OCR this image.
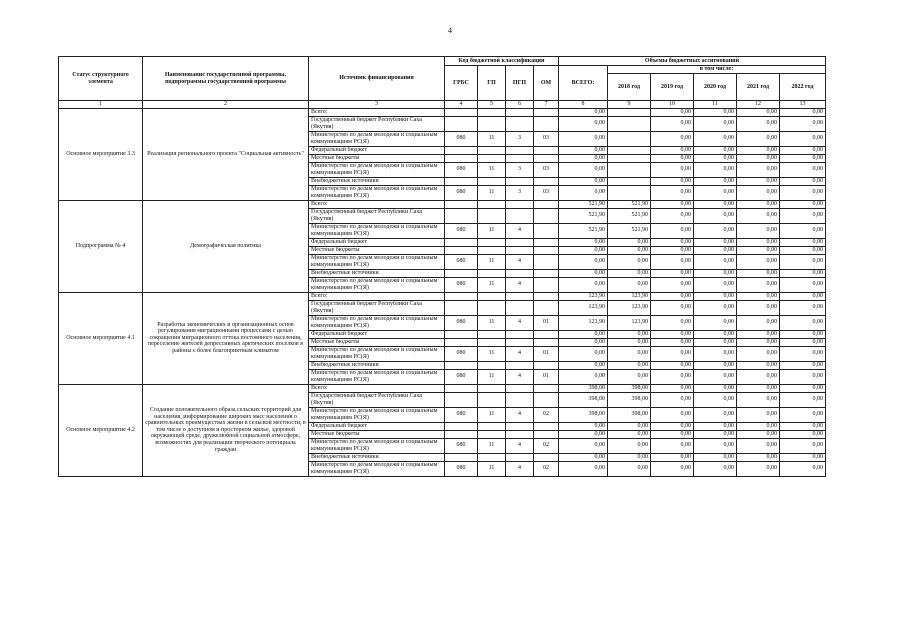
4
Статус структурного элемента	Наименование государственной программы, подпрограммы государственной программы	Источник финансирования	Код бюджетной классификации				Объемы бюджетных ассигнований					
			ГРБС	ГП	ПГП	ОМ	ВСЕГО:	в том числе:				
								2018 год	2019 год	2020 год	2021 год	2022 год
1	2	3	4	5	6	7	8	9	10	11	12	13
Основное мероприятие 3.3	Реализация регионального проекта "Социальная активность"	Всего:					0,00		0,00	0,00	0,00	0,00
		Государственный бюджет Республики Саха (Якутия)					0,00		0,00	0,00	0,00	0,00
		Министерство по делам молодежи и социальным коммуникациям РС(Я)	080	11	3	03	0,00		0,00	0,00	0,00	0,00
		Федеральный бюджет					0,00		0,00	0,00	0,00	0,00
		Местные бюджеты					0,00		0,00	0,00	0,00	0,00
		Министерство по делам молодежи и социальным коммуникациям РС(Я)	080	11	3	03	0,00		0,00	0,00	0,00	0,00
		Внебюджетные источники					0,00		0,00	0,00	0,00	0,00
		Министерство по делам молодежи и социальным коммуникациям РС(Я)	080	11	3	03	0,00		0,00	0,00	0,00	0,00
Подпрограмма № 4	Демографическая политика	Всего:					521,90	521,90	0,00	0,00	0,00	0,00
		Государственный бюджет Республики Саха (Якутия)					521,90	521,90	0,00	0,00	0,00	0,00
		Министерство по делам молодежи и социальным коммуникациям РС(Я)	080	11	4		521,90	521,90	0,00	0,00	0,00	0,00
		Федеральный бюджет					0,00	0,00	0,00	0,00	0,00	0,00
		Местные бюджеты					0,00	0,00	0,00	0,00	0,00	0,00
		Министерство по делам молодежи и социальным коммуникациям РС(Я)	080	11	4		0,00	0,00	0,00	0,00	0,00	0,00
		Внебюджетные источники					0,00	0,00	0,00	0,00	0,00	0,00
		Министерство по делам молодежи и социальным коммуникациям РС(Я)	080	11	4		0,00	0,00	0,00	0,00	0,00	0,00
Основное мероприятие 4.1	Разработка экономических и организационных основ регулирования миграционными процессами с целью сокращения миграционного оттока постоянного населения, переселение жителей депрессивных арктических поселков в районы с более благоприятным климатом	Всего:					123,90	123,90	0,00	0,00	0,00	0,00
		Государственный бюджет Республики Саха (Якутия)					123,90	123,90	0,00	0,00	0,00	0,00
		Министерство по делам молодежи и социальным коммуникациям РС(Я)	080	11	4	01	123,90	123,90	0,00	0,00	0,00	0,00
		Федеральный бюджет					0,00	0,00	0,00	0,00	0,00	0,00
		Местные бюджеты					0,00	0,00	0,00	0,00	0,00	0,00
		Министерство по делам молодежи и социальным коммуникациям РС(Я)	080	11	4	01	0,00	0,00	0,00	0,00	0,00	0,00
		Внебюджетные источники					0,00	0,00	0,00	0,00	0,00	0,00
		Министерство по делам молодежи и социальным коммуникациям РС(Я)	080	11	4	01	0,00	0,00	0,00	0,00	0,00	0,00
Основное мероприятие 4.2	Создание положительного образа сельских территорий для населения, информирование широких масс населения о сравнительных преимуществах жизни в сельской местности, в том числе о доступном и просторном жилье, здоровой окружающей среде, дружелюбной социальной атмосфере, возможностях для реализации творческого потенциала граждан	Всего:					398,00	398,00	0,00	0,00	0,00	0,00
		Государственный бюджет Республики Саха (Якутия)					398,00	398,00	0,00	0,00	0,00	0,00
		Министерство по делам молодежи и социальным коммуникациям РС(Я)	080	11	4	02	398,00	398,00	0,00	0,00	0,00	0,00
		Федеральный бюджет					0,00	0,00	0,00	0,00	0,00	0,00
		Местные бюджеты					0,00	0,00	0,00	0,00	0,00	0,00
		Министерство по делам молодежи и социальным коммуникациям РС(Я)	080	11	4	02	0,00	0,00	0,00	0,00	0,00	0,00
		Внебюджетные источники					0,00	0,00	0,00	0,00	0,00	0,00
		Министерство по делам молодежи и социальным коммуникациям РС(Я)	080	11	4	02	0,00	0,00	0,00	0,00	0,00	0,00
